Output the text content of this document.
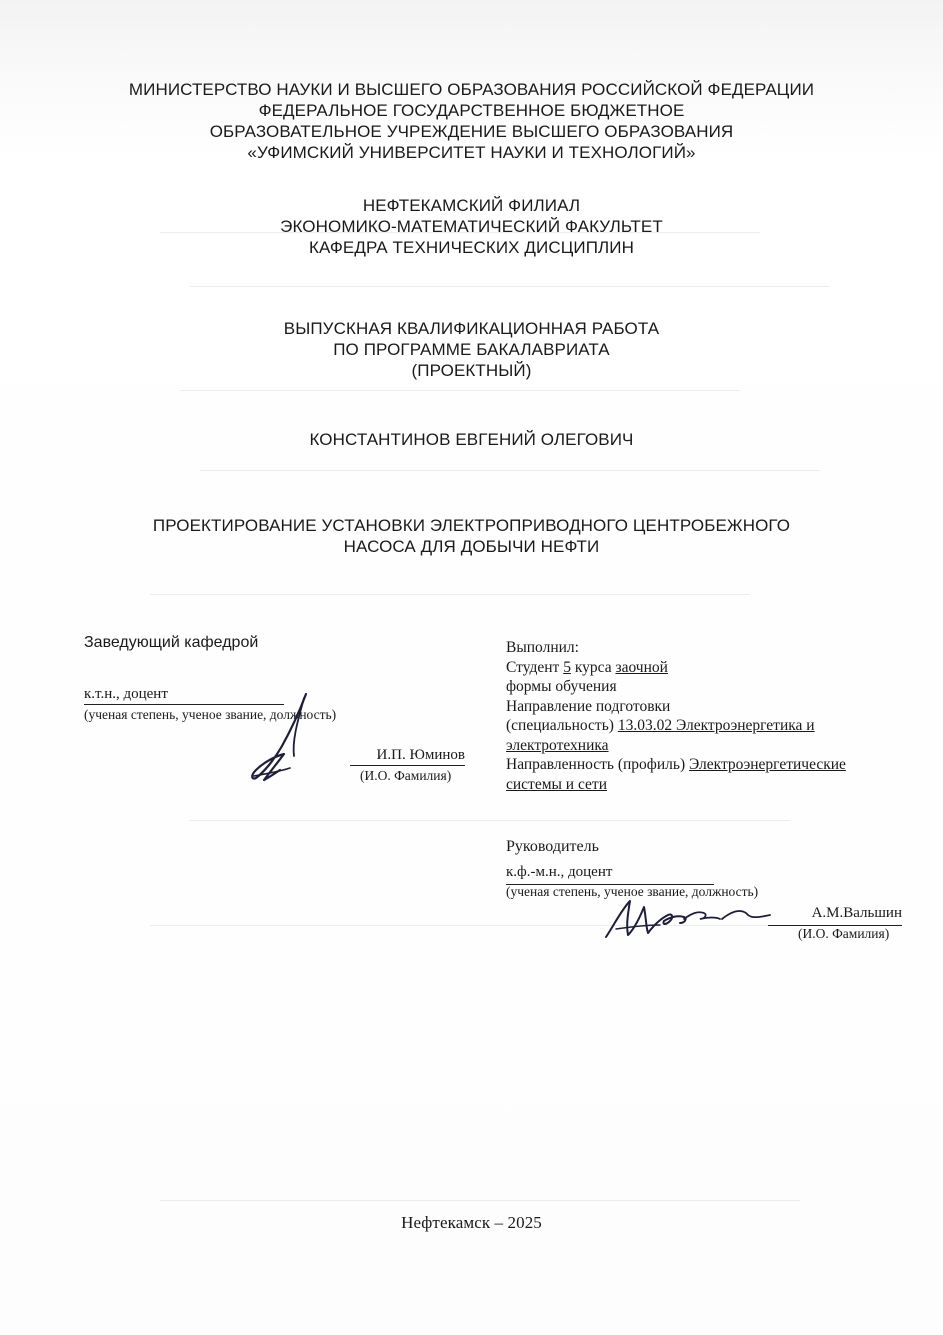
МИНИСТЕРСТВО НАУКИ И ВЫСШЕГО ОБРАЗОВАНИЯ РОССИЙСКОЙ ФЕДЕРАЦИИ
ФЕДЕРАЛЬНОЕ ГОСУДАРСТВЕННОЕ БЮДЖЕТНОЕ
ОБРАЗОВАТЕЛЬНОЕ УЧРЕЖДЕНИЕ ВЫСШЕГО ОБРАЗОВАНИЯ
«УФИМСКИЙ УНИВЕРСИТЕТ НАУКИ И ТЕХНОЛОГИЙ»
НЕФТЕКАМСКИЙ ФИЛИАЛ
ЭКОНОМИКО-МАТЕМАТИЧЕСКИЙ ФАКУЛЬТЕТ
КАФЕДРА ТЕХНИЧЕСКИХ ДИСЦИПЛИН
ВЫПУСКНАЯ КВАЛИФИКАЦИОННАЯ РАБОТА
ПО ПРОГРАММЕ БАКАЛАВРИАТА
(ПРОЕКТНЫЙ)
КОНСТАНТИНОВ ЕВГЕНИЙ ОЛЕГОВИЧ
ПРОЕКТИРОВАНИЕ УСТАНОВКИ ЭЛЕКТРОПРИВОДНОГО ЦЕНТРОБЕЖНОГО
НАСОСА ДЛЯ ДОБЫЧИ НЕФТИ
Заведующий кафедрой
к.т.н., доцент
(ученая степень, ученое звание, должность)
И.П. Юминов
(И.О. Фамилия)
Выполнил:
Студент 5 курса заочной
формы обучения
Направление подготовки
(специальность) 13.03.02 Электроэнергетика и
электротехника
Направленность (профиль) Электроэнергетические
системы и сети
Руководитель
к.ф.-м.н., доцент
(ученая степень, ученое звание, должность)
А.М.Вальшин
(И.О. Фамилия)
Нефтекамск – 2025
